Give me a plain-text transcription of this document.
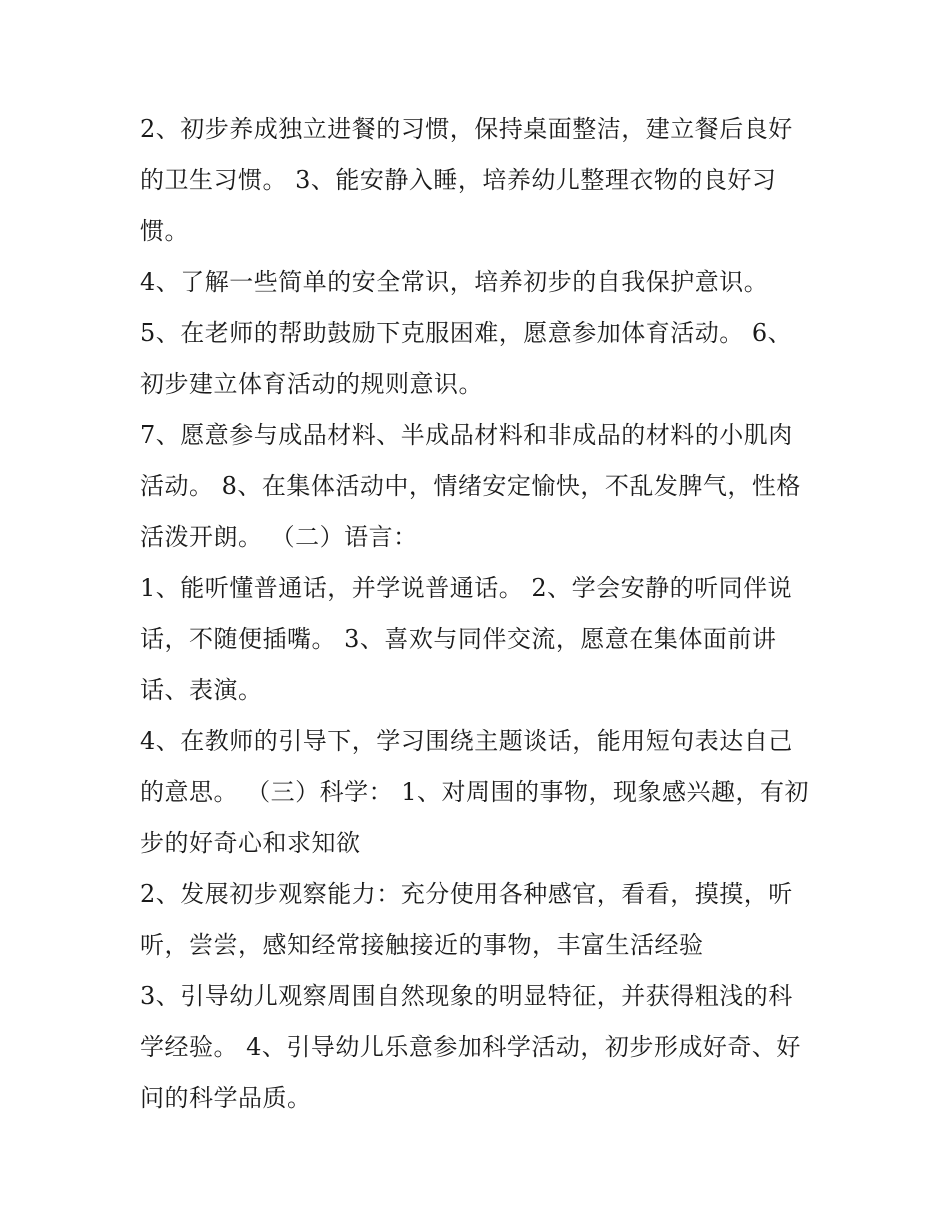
2、初步养成独立进餐的习惯，保持桌面整洁，建立餐后良好
的卫生习惯。 3、能安静入睡，培养幼儿整理衣物的良好习
惯。

4、了解一些简单的安全常识，培养初步的自我保护意识。

5、在老师的帮助鼓励下克服困难，愿意参加体育活动。 6、
初步建立体育活动的规则意识。

7、愿意参与成品材料、半成品材料和非成品的材料的小肌肉
活动。 8、在集体活动中，情绪安定愉快，不乱发脾气，性格
活泼开朗。 （二）语言：

1、能听懂普通话，并学说普通话。 2、学会安静的听同伴说
话，不随便插嘴。 3、喜欢与同伴交流，愿意在集体面前讲
话、表演。

4、在教师的引导下，学习围绕主题谈话，能用短句表达自己
的意思。 （三）科学： 1、对周围的事物，现象感兴趣，有初
步的好奇心和求知欲

2、发展初步观察能力：充分使用各种感官，看看，摸摸，听
听，尝尝，感知经常接触接近的事物，丰富生活经验

3、引导幼儿观察周围自然现象的明显特征，并获得粗浅的科
学经验。 4、引导幼儿乐意参加科学活动，初步形成好奇、好
问的科学品质。
